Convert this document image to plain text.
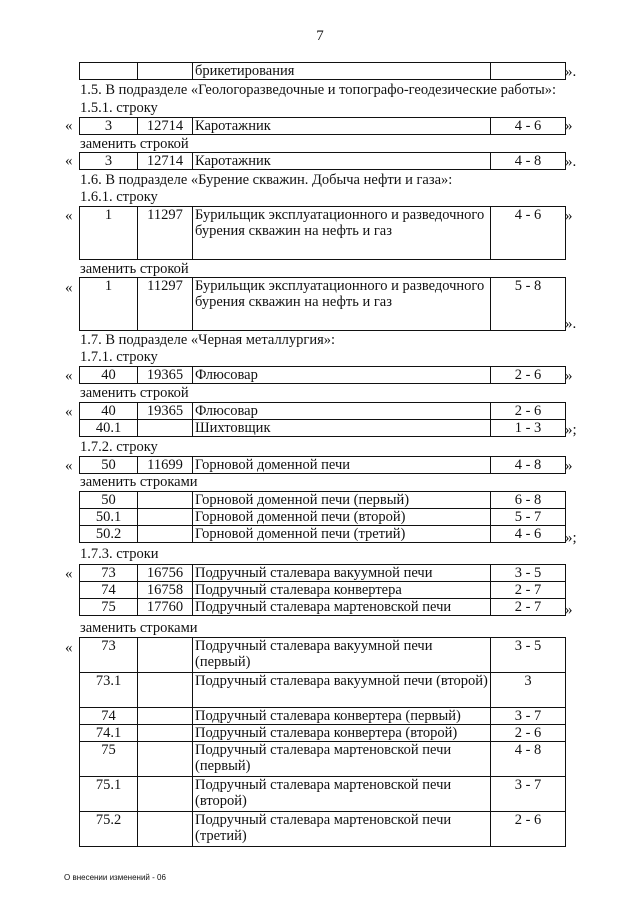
7
		брикетирования		».
1.5. В подразделе «Геологоразведочные и топографо-геодезические работы»:
1.5.1. строку
« 3	12714	Каротажник	4 - 6 »
заменить строкой
« 3	12714	Каротажник	4 - 8 ».
1.6. В подразделе «Бурение скважин. Добыча нефти и газа»:
1.6.1. строку
« 1	11297	Бурильщик эксплуатационного и разведочного бурения скважин на нефть и газ	4 - 6 »
заменить строкой
« 1	11297	Бурильщик эксплуатационного и разведочного бурения скважин на нефть и газ	5 - 8
».
1.7. В подразделе «Черная металлургия»:
1.7.1. строку
« 40	19365	Флюсовар	2 - 6 »
заменить строкой
« 40	19365	Флюсовар	2 - 6
40.1		Шихтовщик	1 - 3 »;
1.7.2. строку
« 50	11699	Горновой доменной печи	4 - 8 »
заменить строками
50		Горновой доменной печи (первый)	6 - 8
50.1		Горновой доменной печи (второй)	5 - 7
50.2		Горновой доменной печи (третий)	4 - 6 »;
1.7.3. строки
« 73	16756	Подручный сталевара вакуумной печи	3 - 5
74	16758	Подручный сталевара конвертера	2 - 7
75	17760	Подручный сталевара мартеновской печи	2 - 7 »
заменить строками
« 73		Подручный сталевара вакуумной печи (первый)	3 - 5
73.1		Подручный сталевара вакуумной печи (второй)	3
74		Подручный сталевара конвертера (первый)	3 - 7
74.1		Подручный сталевара конвертера (второй)	2 - 6
75		Подручный сталевара мартеновской печи (первый)	4 - 8
75.1		Подручный сталевара мартеновской печи (второй)	3 - 7
75.2		Подручный сталевара мартеновской печи (третий)	2 - 6
О внесении изменений - 06
